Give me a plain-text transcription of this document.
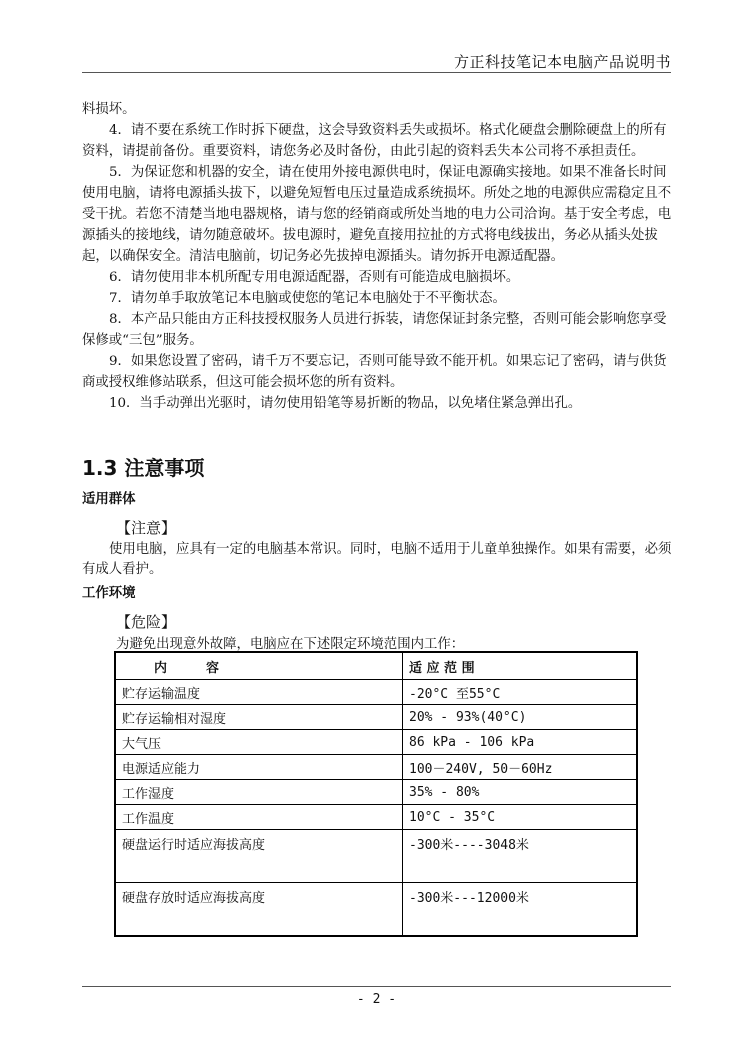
方正科技笔记本电脑产品说明书

料损坏。

4．请不要在系统工作时拆下硬盘，这会导致资料丢失或损坏。格式化硬盘会删除硬盘上的所有资料，请提前备份。重要资料，请您务必及时备份，由此引起的资料丢失本公司将不承担责任。

5．为保证您和机器的安全，请在使用外接电源供电时，保证电源确实接地。如果不准备长时间使用电脑，请将电源插头拔下，以避免短暂电压过量造成系统损坏。所处之地的电源供应需稳定且不受干扰。若您不清楚当地电器规格，请与您的经销商或所处当地的电力公司洽询。基于安全考虑，电源插头的接地线，请勿随意破坏。拔电源时，避免直接用拉扯的方式将电线拔出，务必从插头处拔起，以确保安全。清洁电脑前，切记务必先拔掉电源插头。请勿拆开电源适配器。

6．请勿使用非本机所配专用电源适配器，否则有可能造成电脑损坏。

7．请勿单手取放笔记本电脑或使您的笔记本电脑处于不平衡状态。

8．本产品只能由方正科技授权服务人员进行拆装，请您保证封条完整，否则可能会影响您享受保修或“三包”服务。

9．如果您设置了密码，请千万不要忘记，否则可能导致不能开机。如果忘记了密码，请与供货商或授权维修站联系，但这可能会损坏您的所有资料。

10．当手动弹出光驱时，请勿使用铅笔等易折断的物品，以免堵住紧急弹出孔。

1.3 注意事项
适用群体
【注意】

使用电脑，应具有一定的电脑基本常识。同时，电脑不适用于儿童单独操作。如果有需要，必须有成人看护。

工作环境
【危险】
为避免出现意外故障，电脑应在下述限定环境范围内工作：
内　　　容	适 应 范 围
贮存运输温度	-20°C 至55°C
贮存运输相对湿度	20% - 93%(40°C)
大气压	86 kPa - 106 kPa
电源适应能力	100－240V, 50－60Hz
工作湿度	35% - 80%
工作温度	10°C - 35°C
硬盘运行时适应海拔高度	-300米----3048米
硬盘存放时适应海拔高度	-300米---12000米
- 2 -
